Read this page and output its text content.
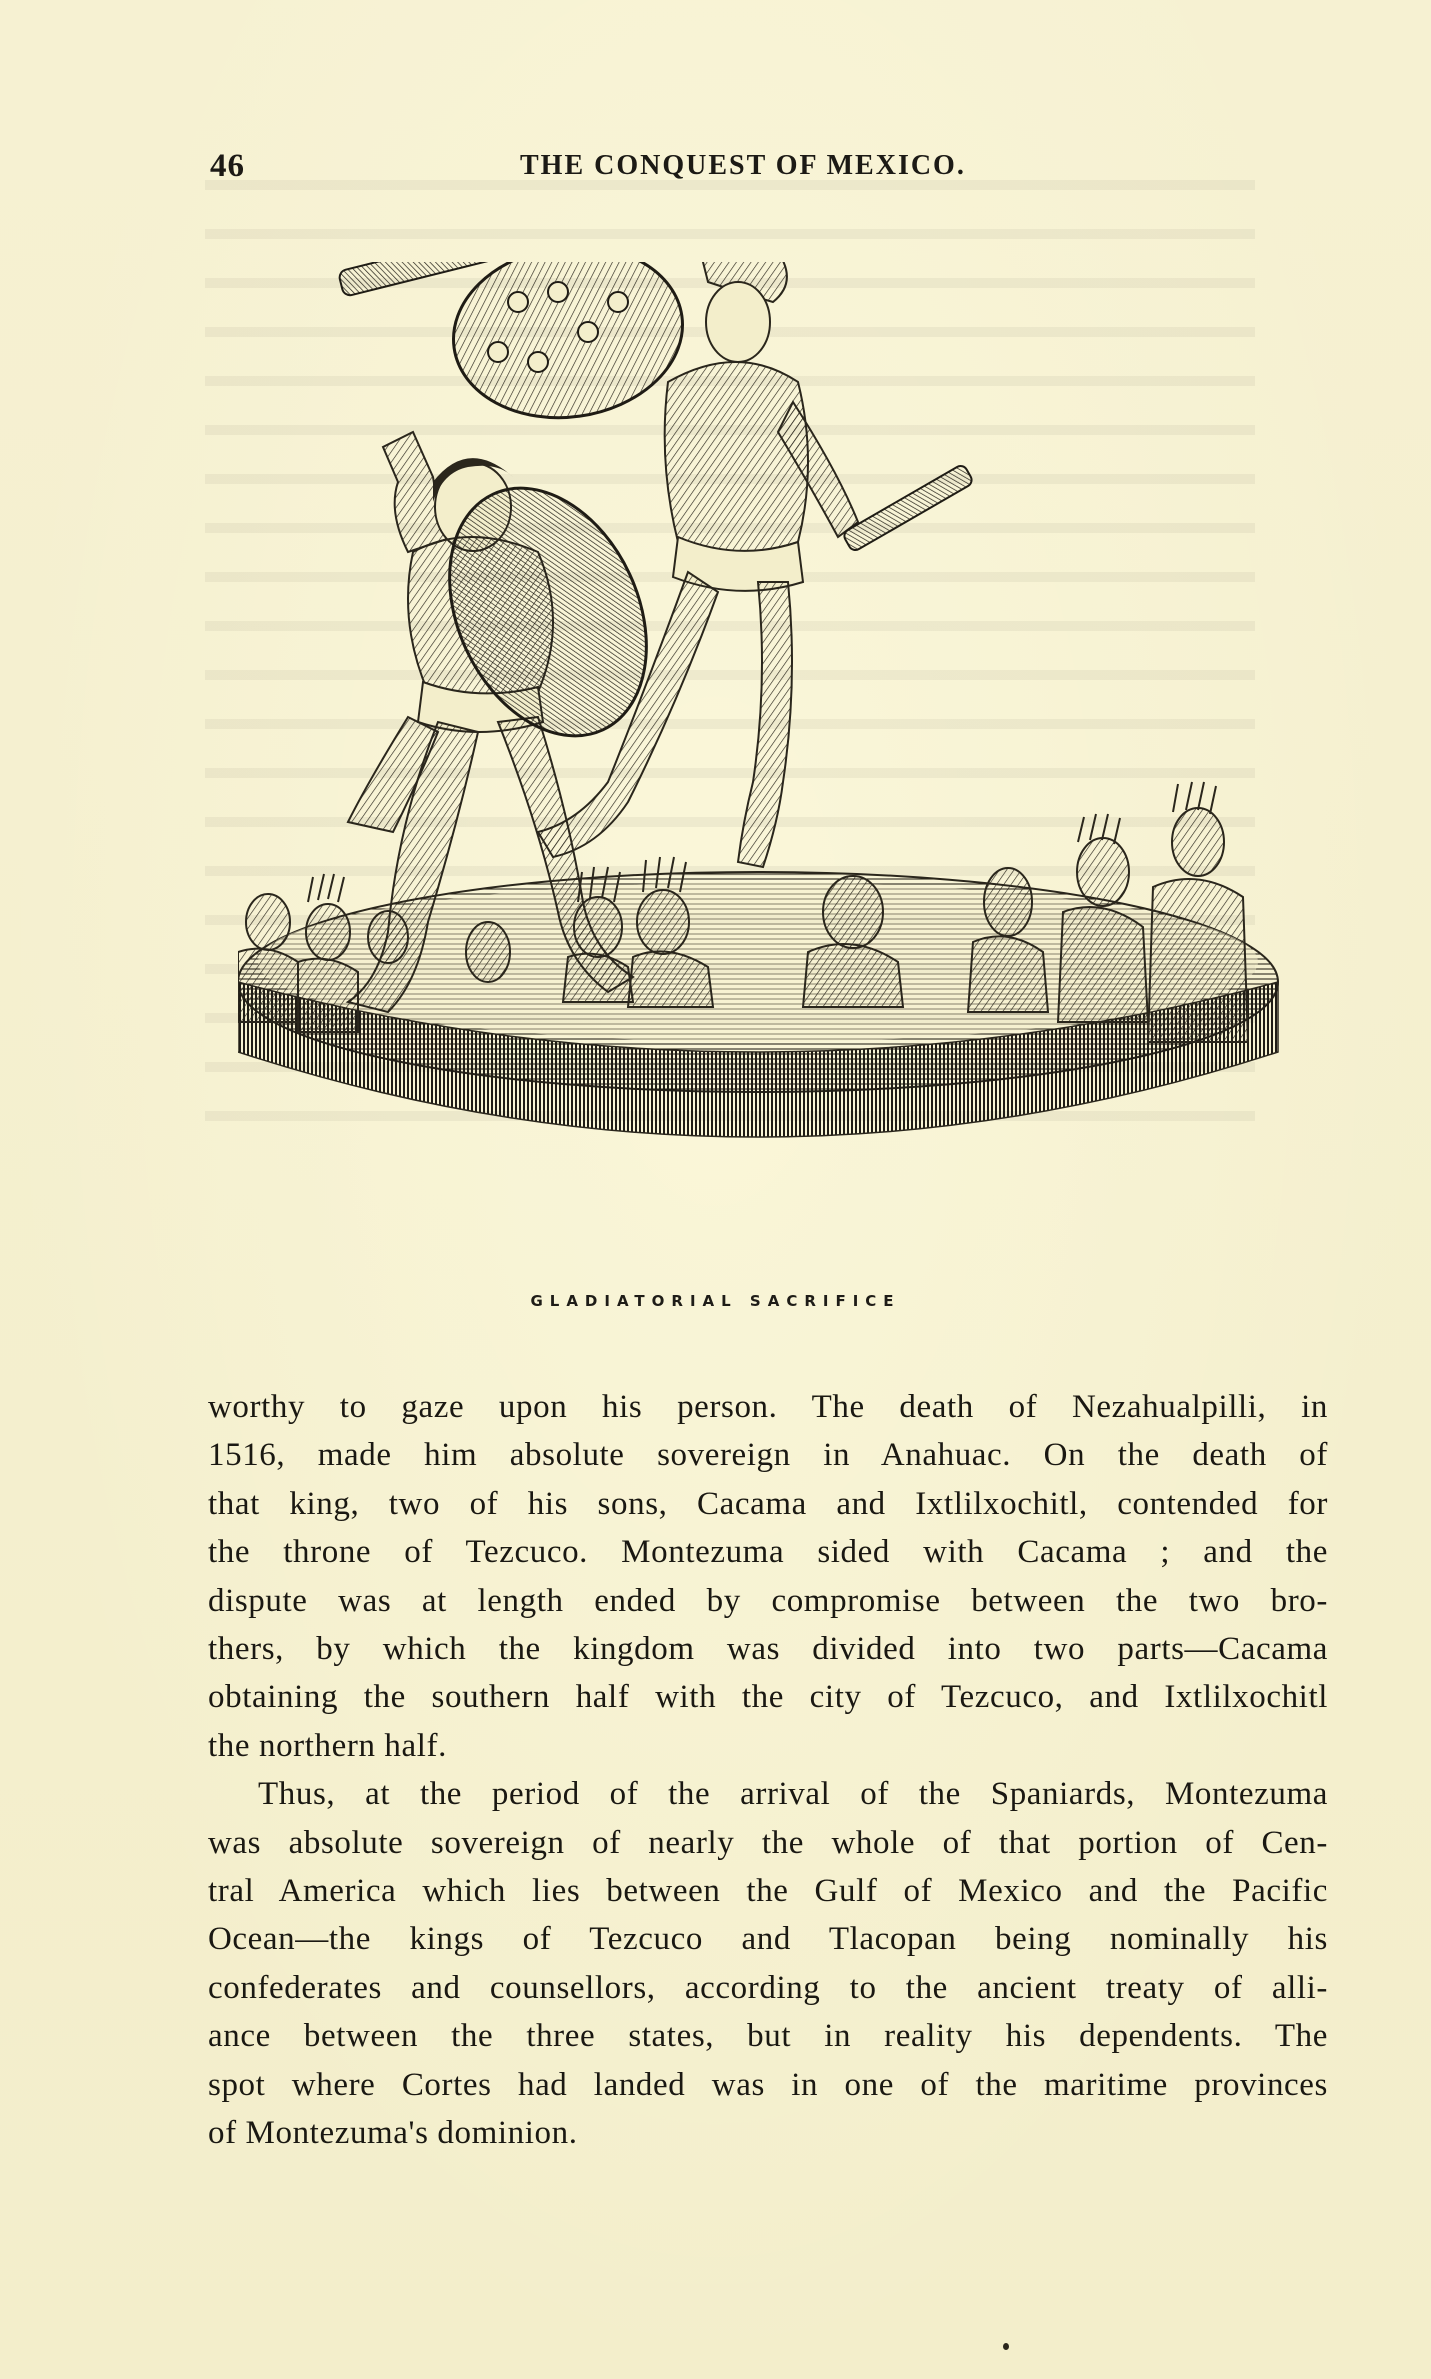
46	THE CONQUEST OF MEXICO.
GLADIATORIAL SACRIFICE
worthy to gaze upon his person. The death of Nezahualpilli, in
1516, made him absolute sovereign in Anahuac. On the death of
that king, two of his sons, Cacama and Ixtlilxochitl, contended for
the throne of Tezcuco. Montezuma sided with Cacama ; and the
dispute was at length ended by compromise between the two bro-
thers, by which the kingdom was divided into two parts—Cacama
obtaining the southern half with the city of Tezcuco, and Ixtlilxochitl
the northern half.
Thus, at the period of the arrival of the Spaniards, Montezuma
was absolute sovereign of nearly the whole of that portion of Cen-
tral America which lies between the Gulf of Mexico and the Pacific
Ocean—the kings of Tezcuco and Tlacopan being nominally his
confederates and counsellors, according to the ancient treaty of alli-
ance between the three states, but in reality his dependents. The
spot where Cortes had landed was in one of the maritime provinces
of Montezuma's dominion.
